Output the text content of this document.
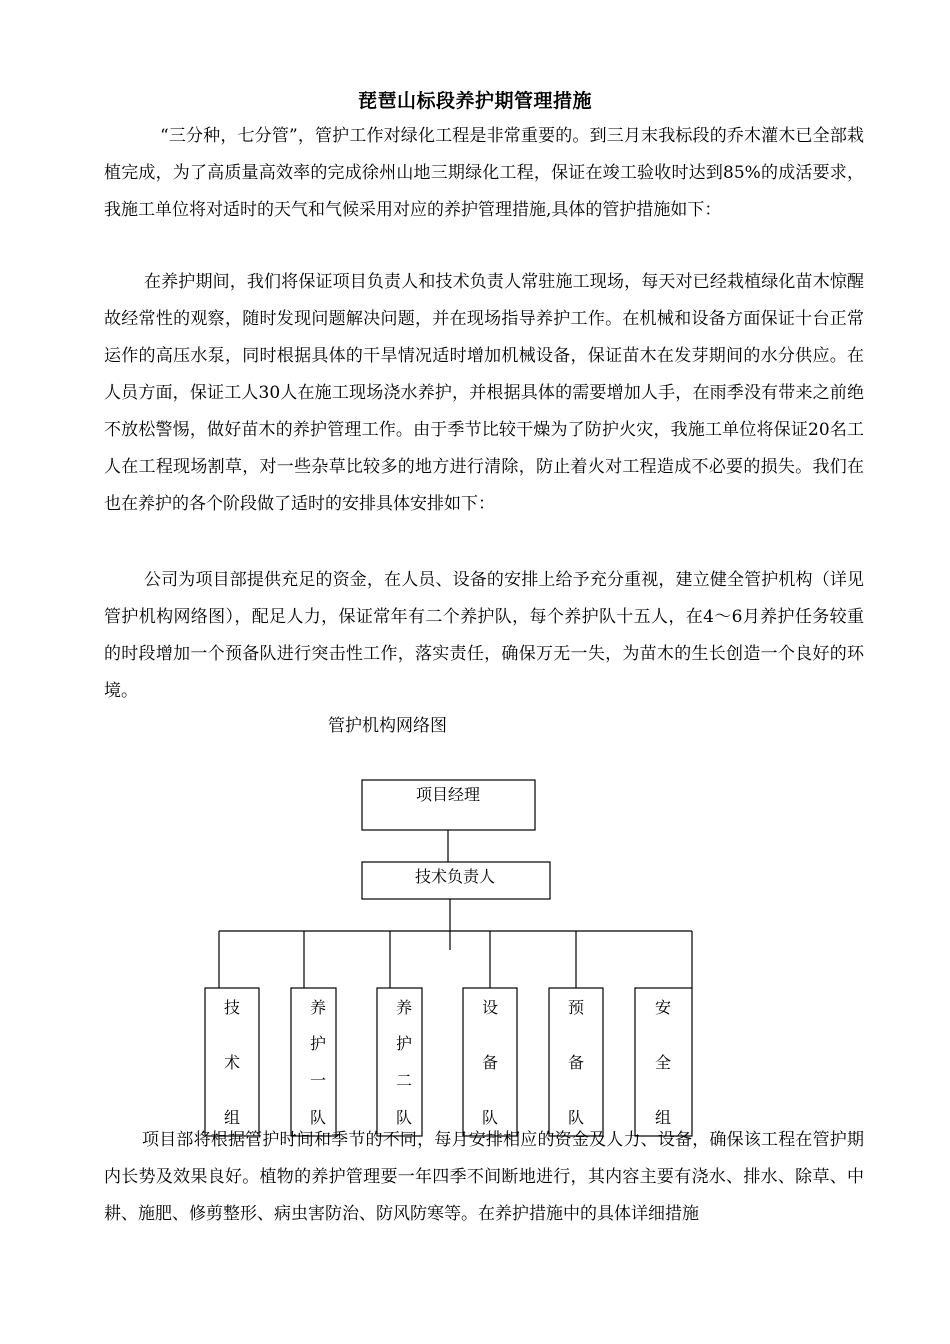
琵琶山标段养护期管理措施
“三分种，七分管”，管护工作对绿化工程是非常重要的。到三月末我标段的乔木灌木已全部栽植完成，为了高质量高效率的完成徐州山地三期绿化工程，保证在竣工验收时达到85%的成活要求，我施工单位将对适时的天气和气候采用对应的养护管理措施,具体的管护措施如下：
在养护期间，我们将保证项目负责人和技术负责人常驻施工现场，每天对已经栽植绿化苗木惊醒故经常性的观察，随时发现问题解决问题，并在现场指导养护工作。在机械和设备方面保证十台正常运作的高压水泵，同时根据具体的干旱情况适时增加机械设备，保证苗木在发芽期间的水分供应。在人员方面，保证工人30人在施工现场浇水养护，并根据具体的需要增加人手，在雨季没有带来之前绝不放松警惕，做好苗木的养护管理工作。由于季节比较干燥为了防护火灾，我施工单位将保证20名工人在工程现场割草，对一些杂草比较多的地方进行清除，防止着火对工程造成不必要的损失。我们在也在养护的各个阶段做了适时的安排具体安排如下：
公司为项目部提供充足的资金，在人员、设备的安排上给予充分重视，建立健全管护机构（详见管护机构网络图），配足人力，保证常年有二个养护队，每个养护队十五人，在4～6月养护任务较重的时段增加一个预备队进行突击性工作，落实责任，确保万无一失，为苗木的生长创造一个良好的环境。
管护机构网络图
项目经理
技术负责人
技
术
组
养
护
一
队
养
护
二
队
设
备
队
预
备
队
安
全
组
项目部将根据管护时间和季节的不同，每月安排相应的资金及人力、设备，确保该工程在管护期内长势及效果良好。植物的养护管理要一年四季不间断地进行，其内容主要有浇水、排水、除草、中耕、施肥、修剪整形、病虫害防治、防风防寒等。在养护措施中的具体详细措施
